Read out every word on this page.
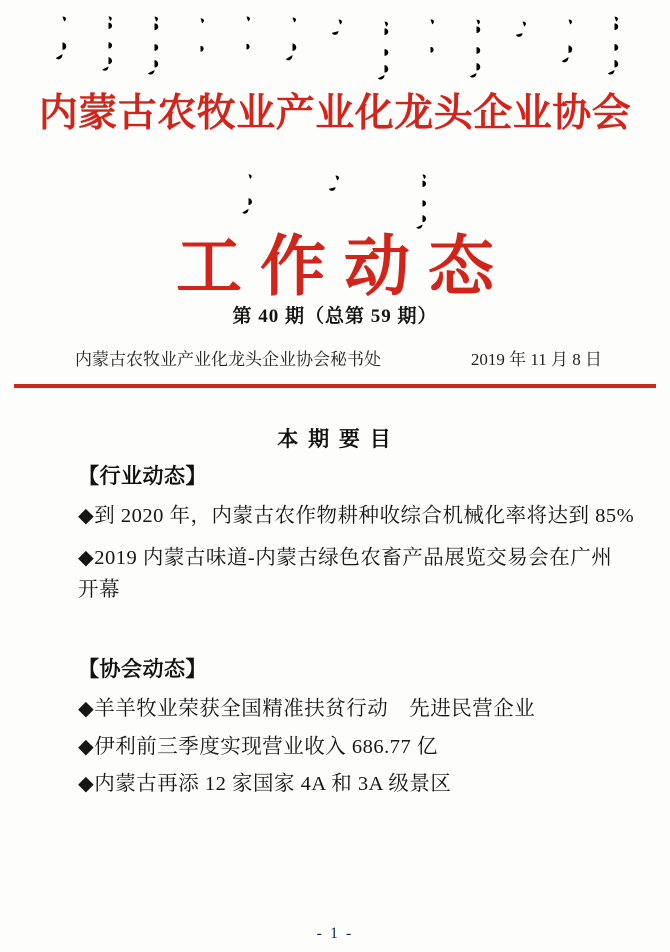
内蒙古农牧业产业化龙头企业协会
工作动态
第 40 期（总第 59 期）
内蒙古农牧业产业化龙头企业协会秘书处	2019 年 11 月 8 日
本 期 要 目
【行业动态】

◆到 2020 年，内蒙古农作物耕种收综合机械化率将达到 85%

◆2019 内蒙古味道-内蒙古绿色农畜产品展览交易会在广州

开幕

【协会动态】

◆羊羊牧业荣获全国精准扶贫行动　先进民营企业

◆伊利前三季度实现营业收入 686.77 亿

◆内蒙古再添 12 家国家 4A 和 3A 级景区

- 1 -
